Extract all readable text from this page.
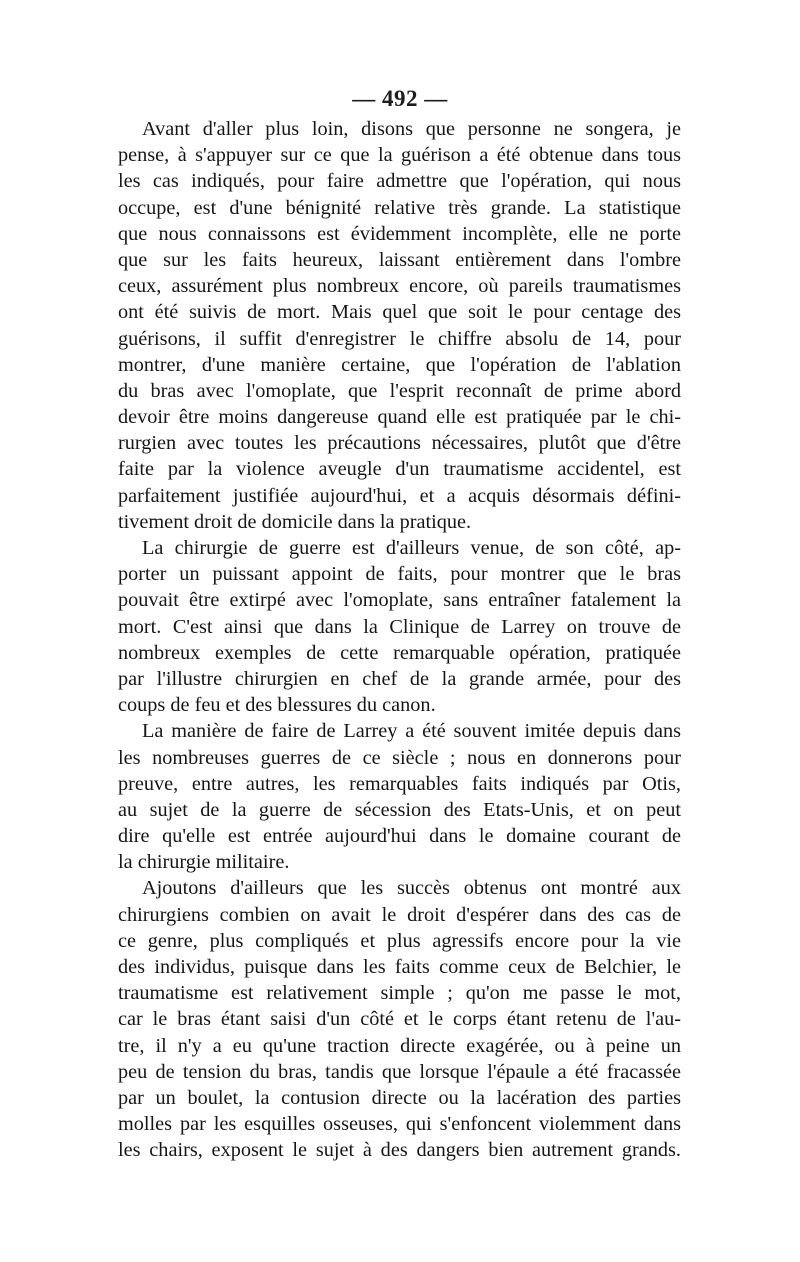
— 492 —
Avant d'aller plus loin, disons que personne ne songera, je
pense, à s'appuyer sur ce que la guérison a été obtenue dans tous
les cas indiqués, pour faire admettre que l'opération, qui nous
occupe, est d'une bénignité relative très grande. La statistique
que nous connaissons est évidemment incomplète, elle ne porte
que sur les faits heureux, laissant entièrement dans l'ombre
ceux, assurément plus nombreux encore, où pareils traumatismes
ont été suivis de mort. Mais quel que soit le pour centage des
guérisons, il suffit d'enregistrer le chiffre absolu de 14, pour
montrer, d'une manière certaine, que l'opération de l'ablation
du bras avec l'omoplate, que l'esprit reconnaît de prime abord
devoir être moins dangereuse quand elle est pratiquée par le chi-
rurgien avec toutes les précautions nécessaires, plutôt que d'être
faite par la violence aveugle d'un traumatisme accidentel, est
parfaitement justifiée aujourd'hui, et a acquis désormais défini-
tivement droit de domicile dans la pratique.
La chirurgie de guerre est d'ailleurs venue, de son côté, ap-
porter un puissant appoint de faits, pour montrer que le bras
pouvait être extirpé avec l'omoplate, sans entraîner fatalement la
mort. C'est ainsi que dans la Clinique de Larrey on trouve de
nombreux exemples de cette remarquable opération, pratiquée
par l'illustre chirurgien en chef de la grande armée, pour des
coups de feu et des blessures du canon.
La manière de faire de Larrey a été souvent imitée depuis dans
les nombreuses guerres de ce siècle ; nous en donnerons pour
preuve, entre autres, les remarquables faits indiqués par Otis,
au sujet de la guerre de sécession des Etats-Unis, et on peut
dire qu'elle est entrée aujourd'hui dans le domaine courant de
la chirurgie militaire.
Ajoutons d'ailleurs que les succès obtenus ont montré aux
chirurgiens combien on avait le droit d'espérer dans des cas de
ce genre, plus compliqués et plus agressifs encore pour la vie
des individus, puisque dans les faits comme ceux de Belchier, le
traumatisme est relativement simple ; qu'on me passe le mot,
car le bras étant saisi d'un côté et le corps étant retenu de l'au-
tre, il n'y a eu qu'une traction directe exagérée, ou à peine un
peu de tension du bras, tandis que lorsque l'épaule a été fracassée
par un boulet, la contusion directe ou la lacération des parties
molles par les esquilles osseuses, qui s'enfoncent violemment dans
les chairs, exposent le sujet à des dangers bien autrement grands.
